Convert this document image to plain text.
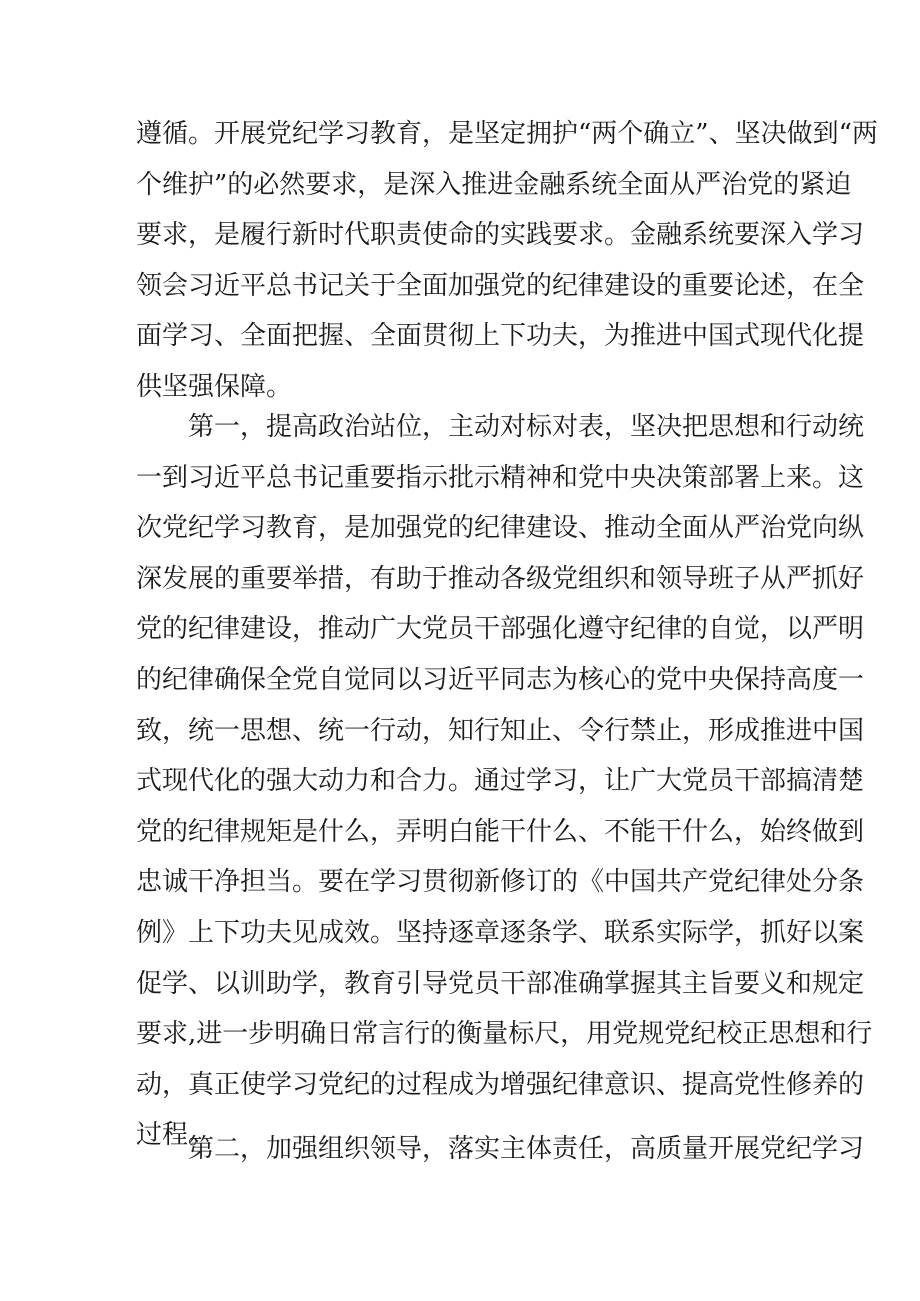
遵循。开展党纪学习教育，是坚定拥护“两个确立”、坚决做到“两
个维护”的必然要求，是深入推进金融系统全面从严治党的紧迫
要求，是履行新时代职责使命的实践要求。金融系统要深入学习
领会习近平总书记关于全面加强党的纪律建设的重要论述，在全
面学习、全面把握、全面贯彻上下功夫，为推进中国式现代化提
供坚强保障。
第一，提高政治站位，主动对标对表，坚决把思想和行动统
一到习近平总书记重要指示批示精神和党中央决策部署上来。这
次党纪学习教育，是加强党的纪律建设、推动全面从严治党向纵
深发展的重要举措，有助于推动各级党组织和领导班子从严抓好
党的纪律建设，推动广大党员干部强化遵守纪律的自觉，以严明
的纪律确保全党自觉同以习近平同志为核心的党中央保持高度一
致，统一思想、统一行动，知行知止、令行禁止，形成推进中国
式现代化的强大动力和合力。通过学习，让广大党员干部搞清楚
党的纪律规矩是什么，弄明白能干什么、不能干什么，始终做到
忠诚干净担当。要在学习贯彻新修订的《中国共产党纪律处分条
例》上下功夫见成效。坚持逐章逐条学、联系实际学，抓好以案
促学、以训助学，教育引导党员干部准确掌握其主旨要义和规定
要求,进一步明确日常言行的衡量标尺，用党规党纪校正思想和行
动，真正使学习党纪的过程成为增强纪律意识、提高党性修养的
过程。
第二，加强组织领导，落实主体责任，高质量开展党纪学习
